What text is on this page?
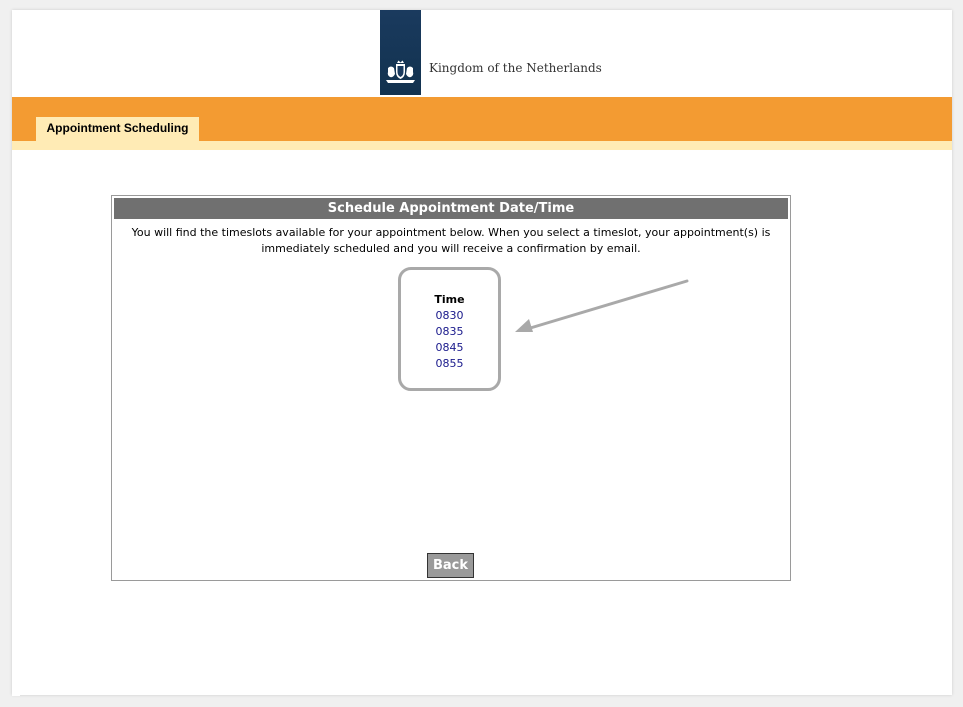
Kingdom of the Netherlands
Appointment Scheduling
Schedule Appointment Date/Time
You will find the timeslots available for your appointment below. When you select a timeslot, your appointment(s) is immediately scheduled and you will receive a confirmation by email.
Time
0830
0835
0845
0855
Back
